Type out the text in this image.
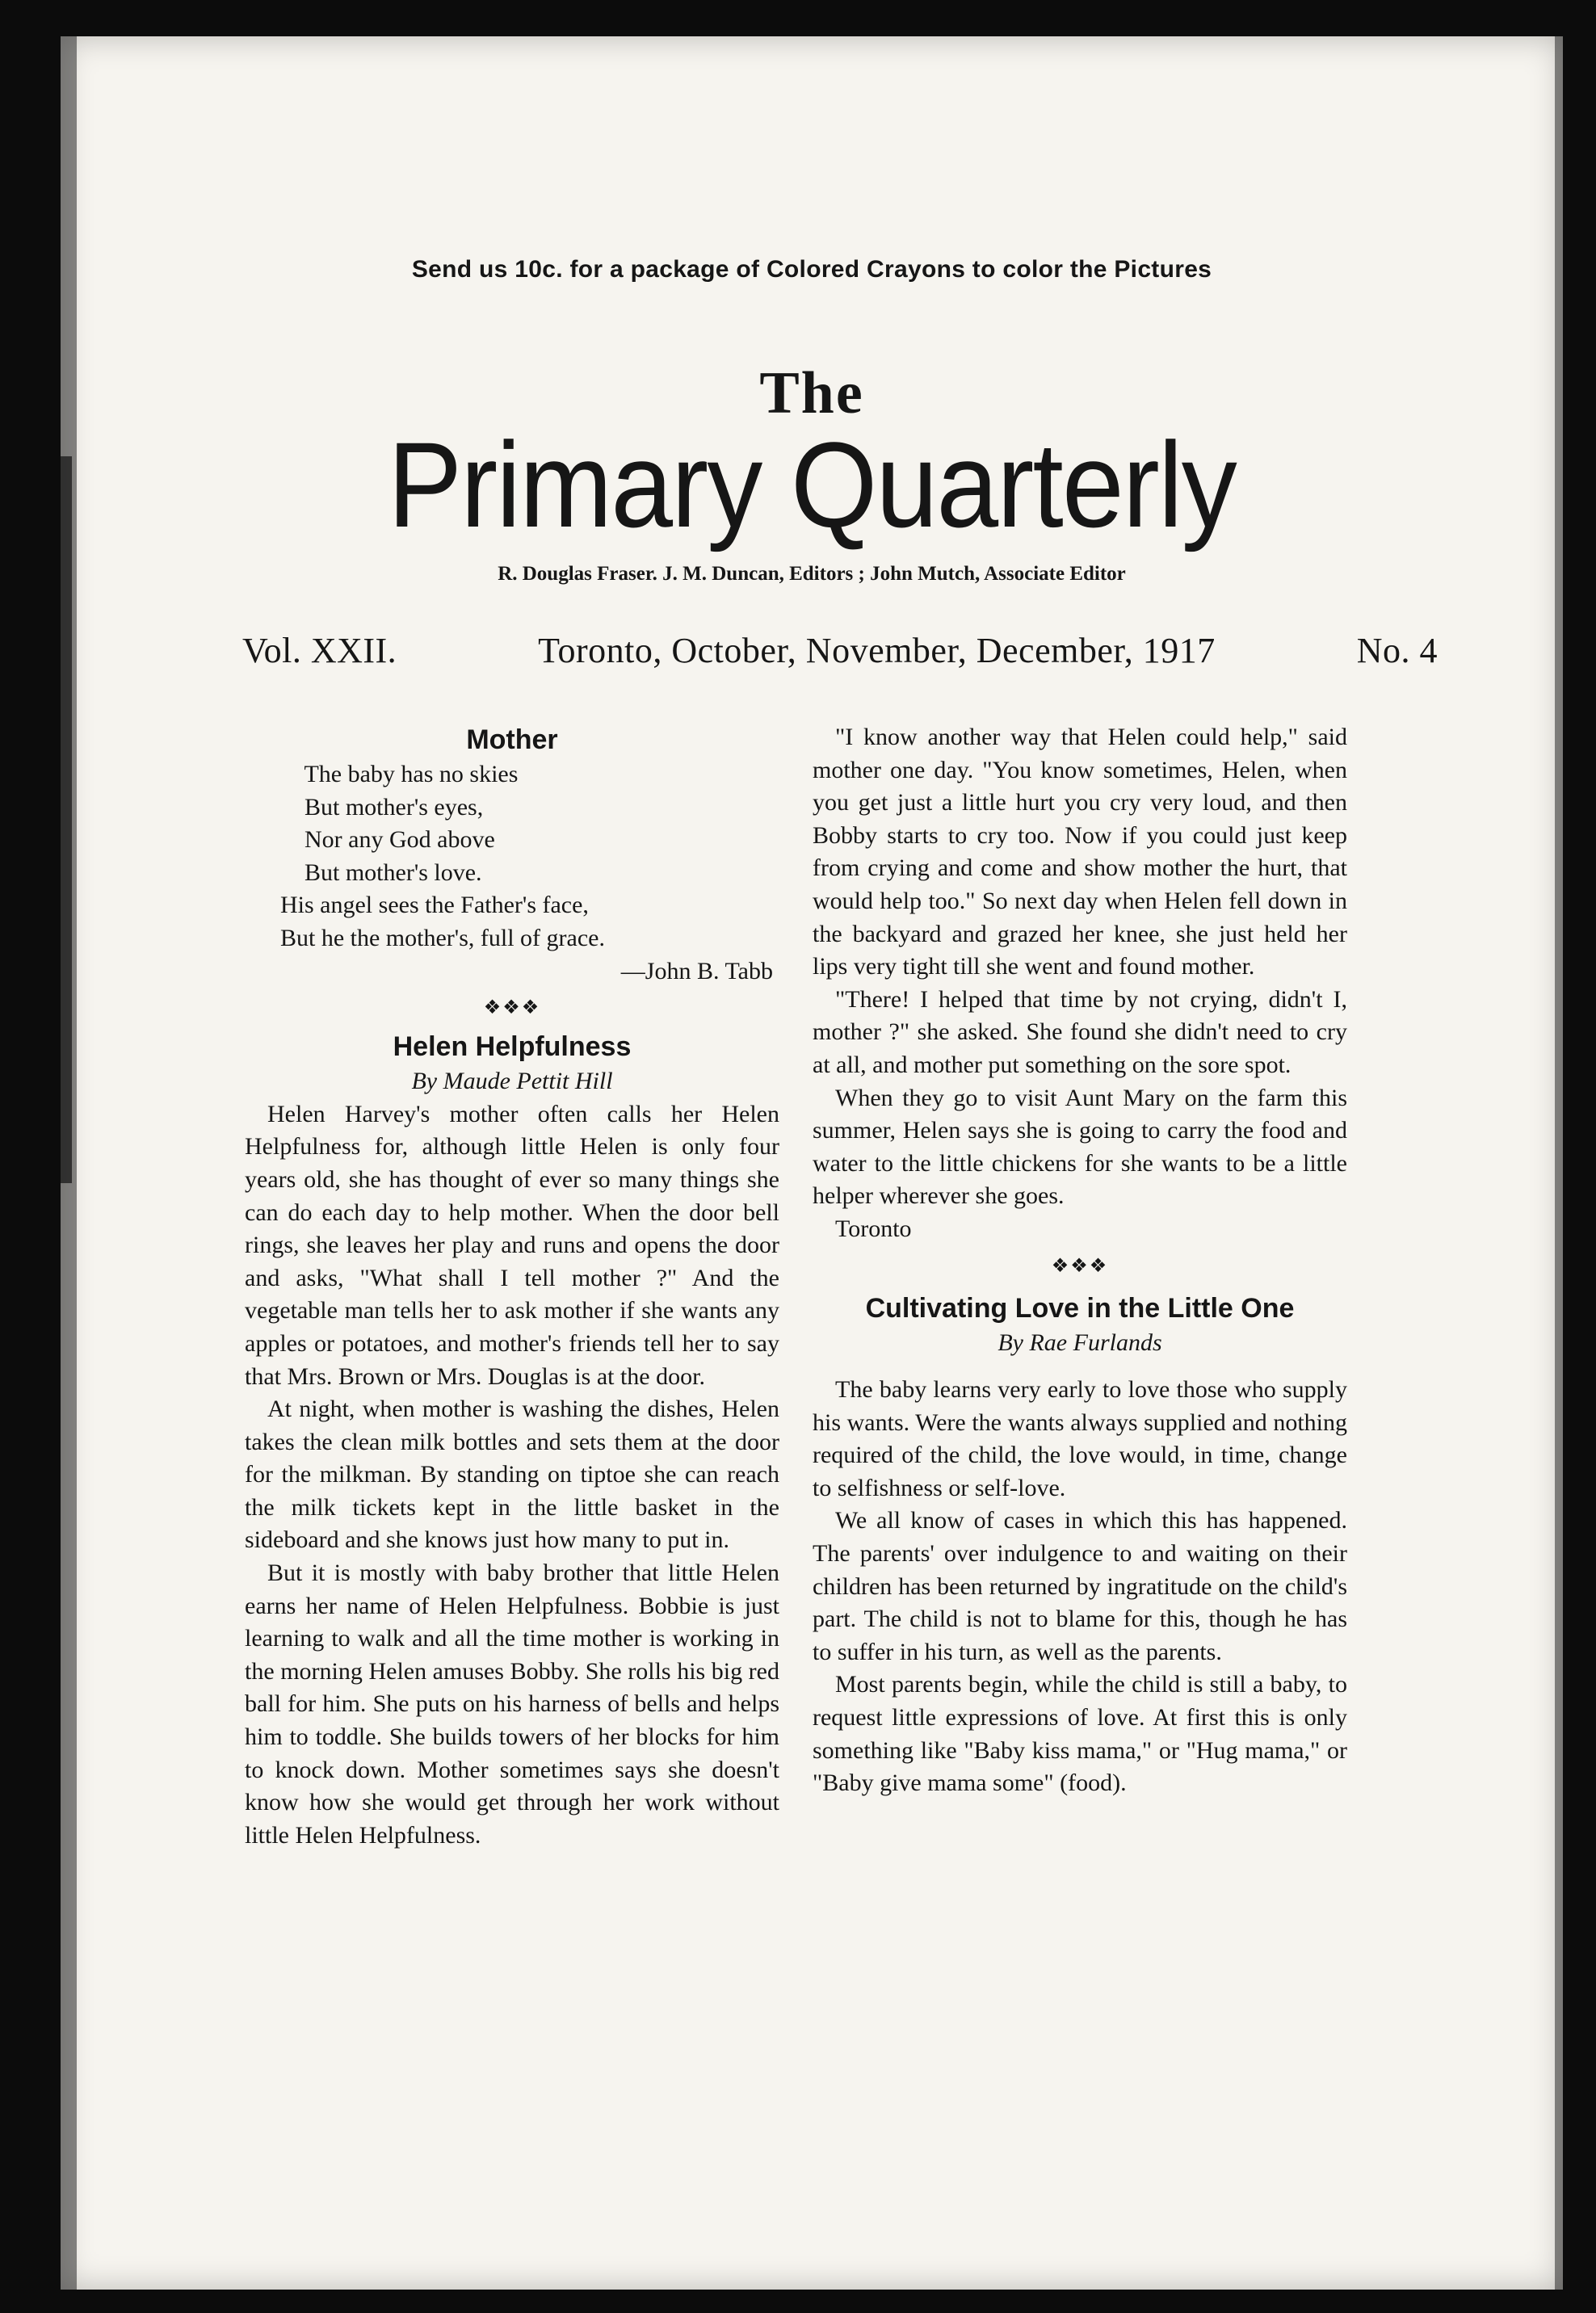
Send us 10c. for a package of Colored Crayons to color the Pictures
The
Primary Quarterly
R. Douglas Fraser. J. M. Duncan, Editors ; John Mutch, Associate Editor
Vol. XXII.	Toronto, October, November, December, 1917	No. 4
Mother
The baby has no skies
But mother's eyes,
Nor any God above
But mother's love.
His angel sees the Father's face,
But he the mother's, full of grace.
—John B. Tabb
❖❖❖
Helen Helpfulness
By Maude Pettit Hill

Helen Harvey's mother often calls her Helen Helpfulness for, although little Helen is only four years old, she has thought of ever so many things she can do each day to help mother. When the door bell rings, she leaves her play and runs and opens the door and asks, "What shall I tell mother ?" And the vegetable man tells her to ask mother if she wants any apples or potatoes, and mother's friends tell her to say that Mrs. Brown or Mrs. Douglas is at the door.

At night, when mother is washing the dishes, Helen takes the clean milk bottles and sets them at the door for the milkman. By standing on tiptoe she can reach the milk tickets kept in the little basket in the sideboard and she knows just how many to put in.

But it is mostly with baby brother that little Helen earns her name of Helen Helpfulness. Bobbie is just learning to walk and all the time mother is working in the morning Helen amuses Bobby. She rolls his big red ball for him. She puts on his harness of bells and helps him to toddle. She builds towers of her blocks for him to knock down. Mother sometimes says she doesn't know how she would get through her work without little Helen Helpfulness.

"I know another way that Helen could help," said mother one day. "You know sometimes, Helen, when you get just a little hurt you cry very loud, and then Bobby starts to cry too. Now if you could just keep from crying and come and show mother the hurt, that would help too." So next day when Helen fell down in the backyard and grazed her knee, she just held her lips very tight till she went and found mother.

"There! I helped that time by not crying, didn't I, mother ?" she asked. She found she didn't need to cry at all, and mother put something on the sore spot.

When they go to visit Aunt Mary on the farm this summer, Helen says she is going to carry the food and water to the little chickens for she wants to be a little helper wherever she goes.

Toronto
❖❖❖
Cultivating Love in the Little One
By Rae Furlands

The baby learns very early to love those who supply his wants. Were the wants always supplied and nothing required of the child, the love would, in time, change to selfishness or self-love.

We all know of cases in which this has happened. The parents' over indulgence to and waiting on their children has been returned by ingratitude on the child's part. The child is not to blame for this, though he has to suffer in his turn, as well as the parents.

Most parents begin, while the child is still a baby, to request little expressions of love. At first this is only something like "Baby kiss mama," or "Hug mama," or "Baby give mama some" (food).
